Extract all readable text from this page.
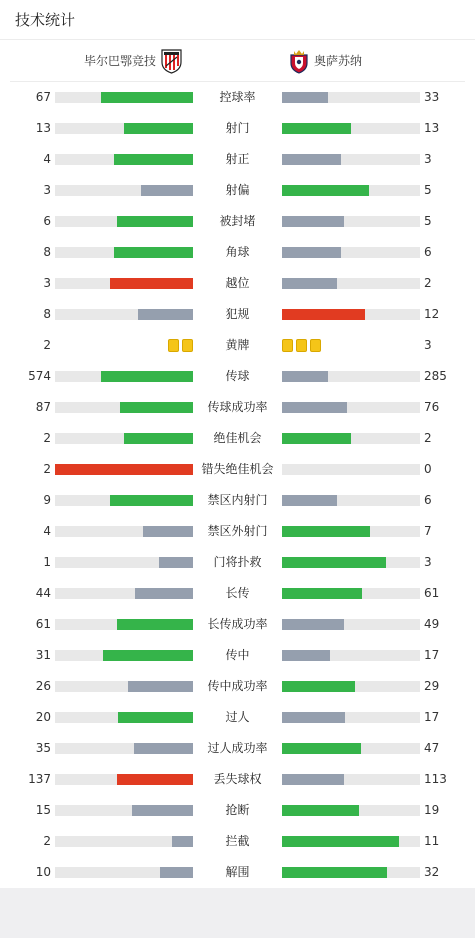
技术统计
毕尔巴鄂竞技	奥萨苏纳
67	控球率	33
13	射门	13
4	射正	3
3	射偏	5
6	被封堵	5
8	角球	6
3	越位	2
8	犯规	12
2	黄牌	3
574	传球	285
87	传球成功率	76
2	绝佳机会	2
2	错失绝佳机会	0
9	禁区内射门	6
4	禁区外射门	7
1	门将扑救	3
44	长传	61
61	长传成功率	49
31	传中	17
26	传中成功率	29
20	过人	17
35	过人成功率	47
137	丢失球权	113
15	抢断	19
2	拦截	11
10	解围	32
